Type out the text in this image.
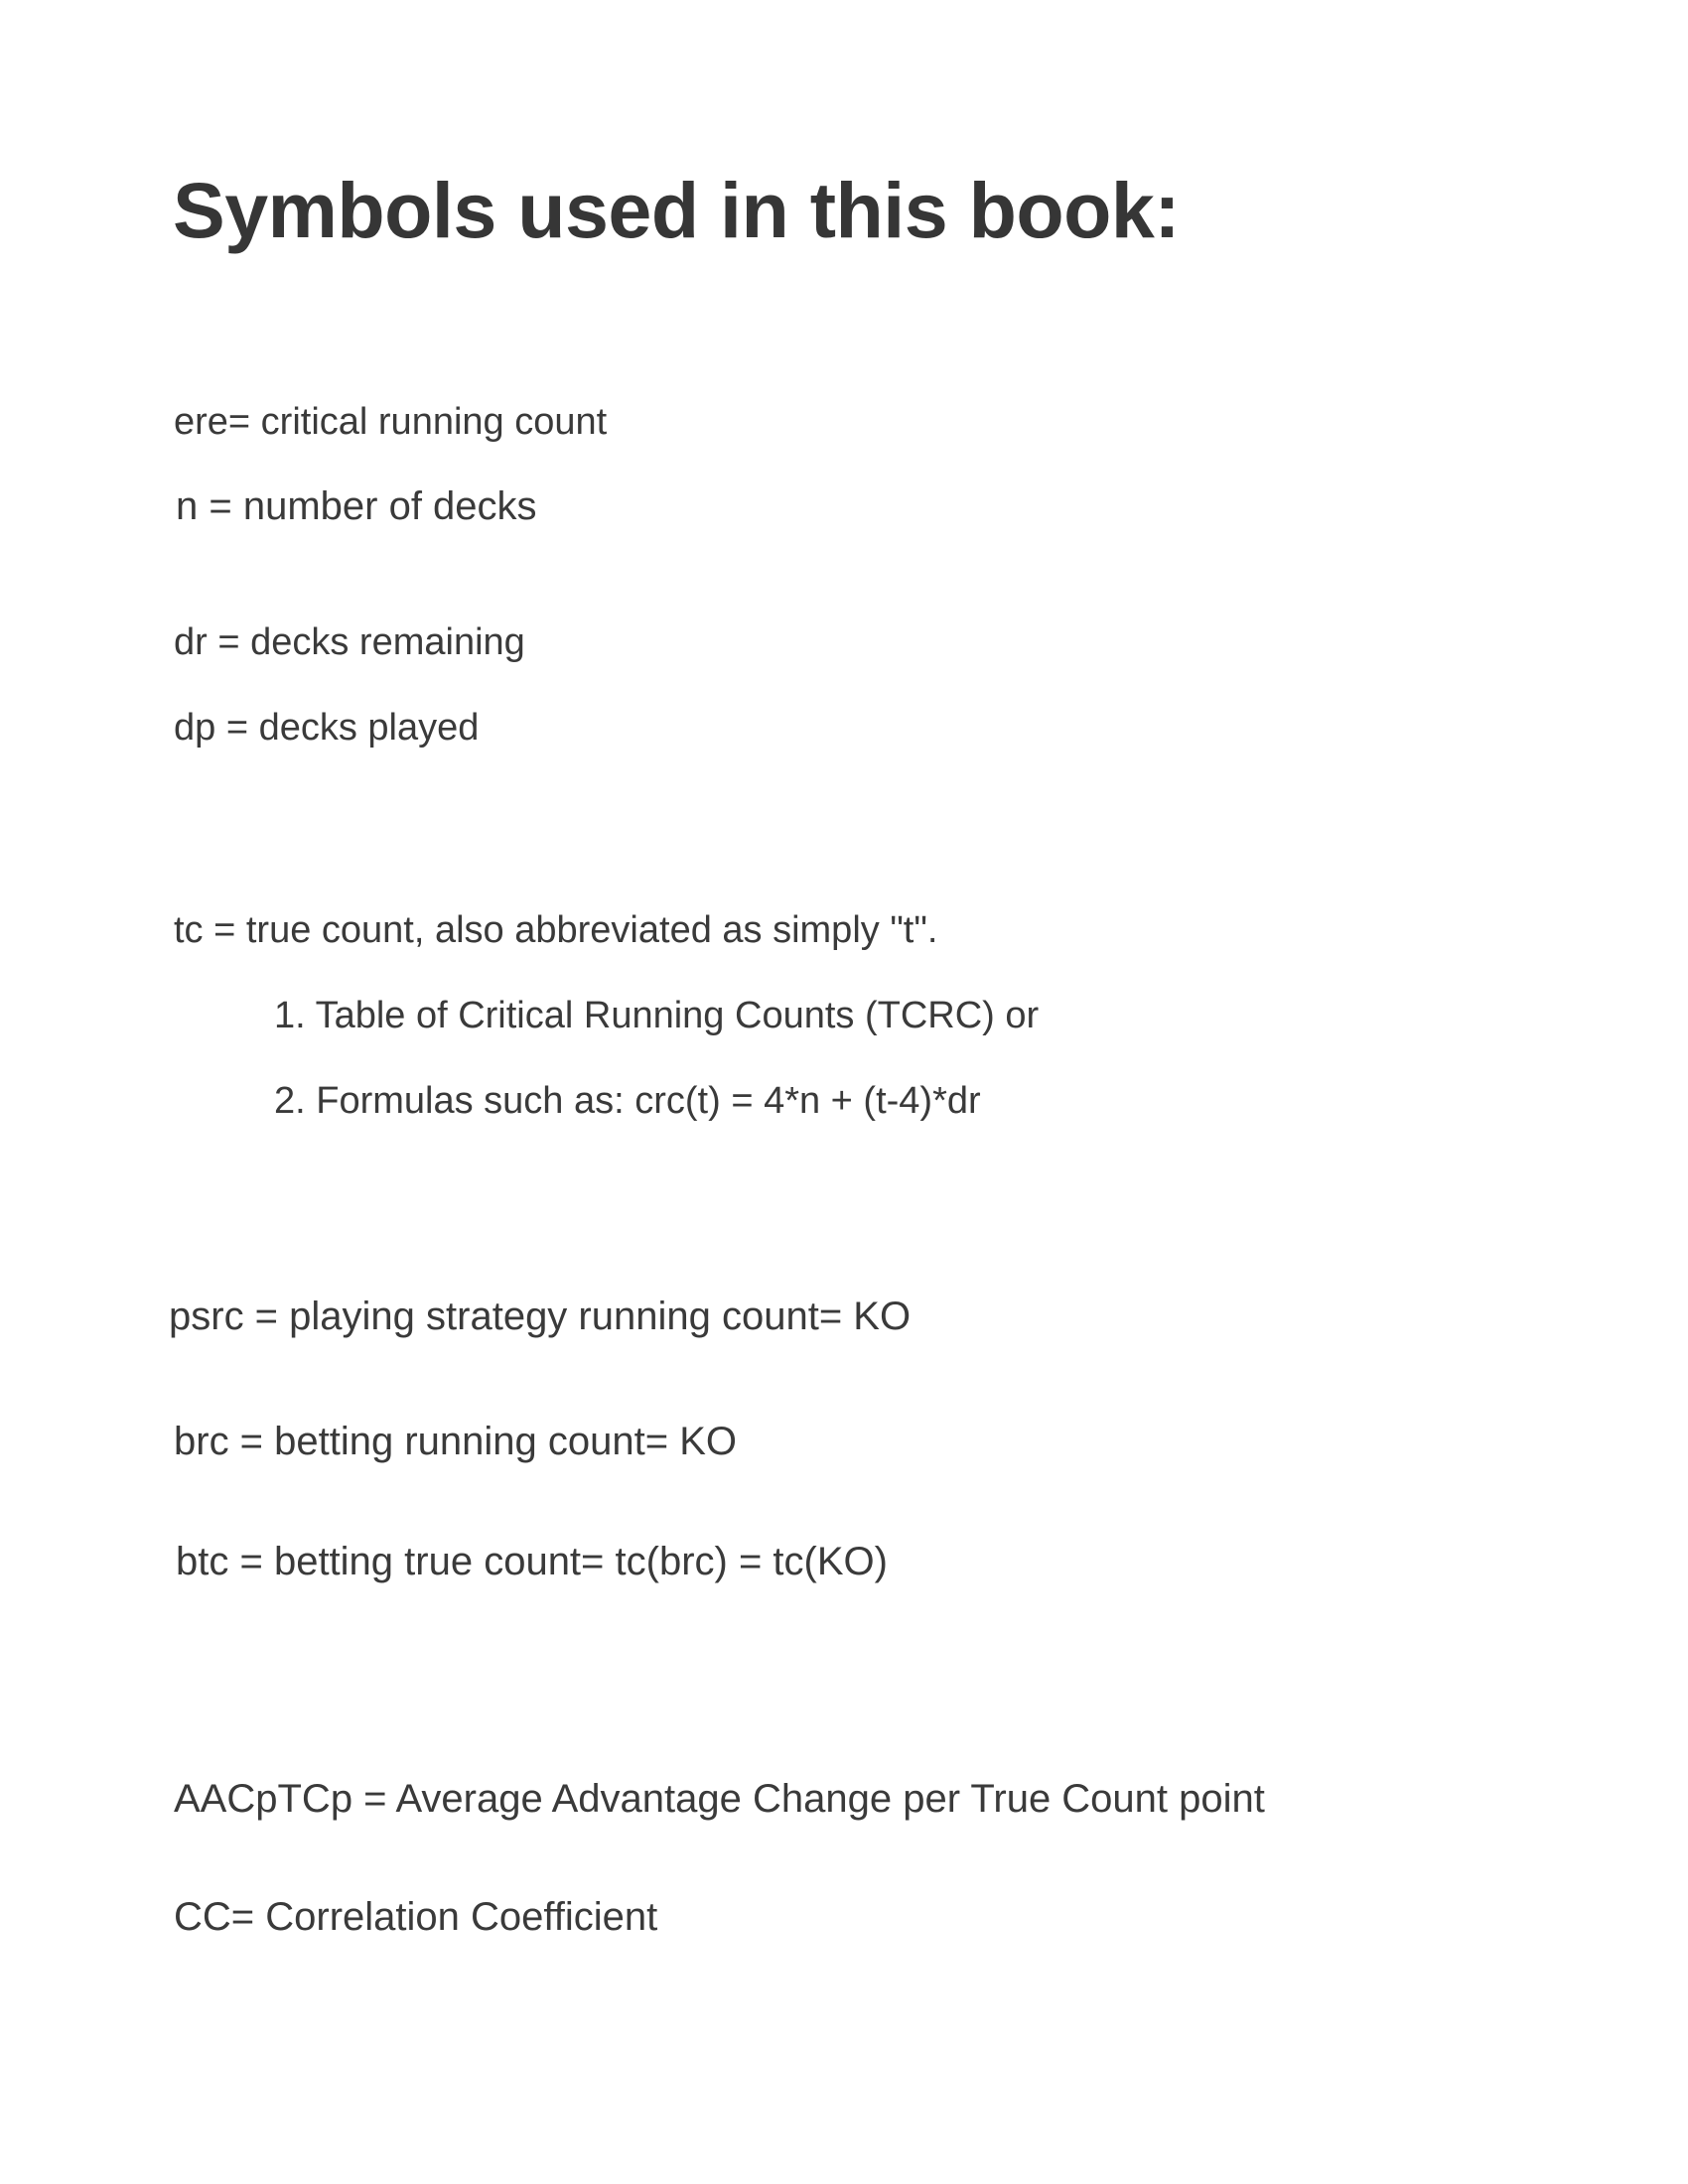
Symbols used in this book:
ere= critical running count
n = number of decks
dr = decks remaining
dp = decks played
tc = true count, also abbreviated as simply "t".
1. Table of Critical Running Counts (TCRC) or
2. Formulas such as: crc(t) = 4*n + (t-4)*dr
psrc = playing strategy running count= KO
brc = betting running count= KO
btc = betting true count= tc(brc) = tc(KO)
AACpTCp = Average Advantage Change per True Count point
CC= Correlation Coefficient
